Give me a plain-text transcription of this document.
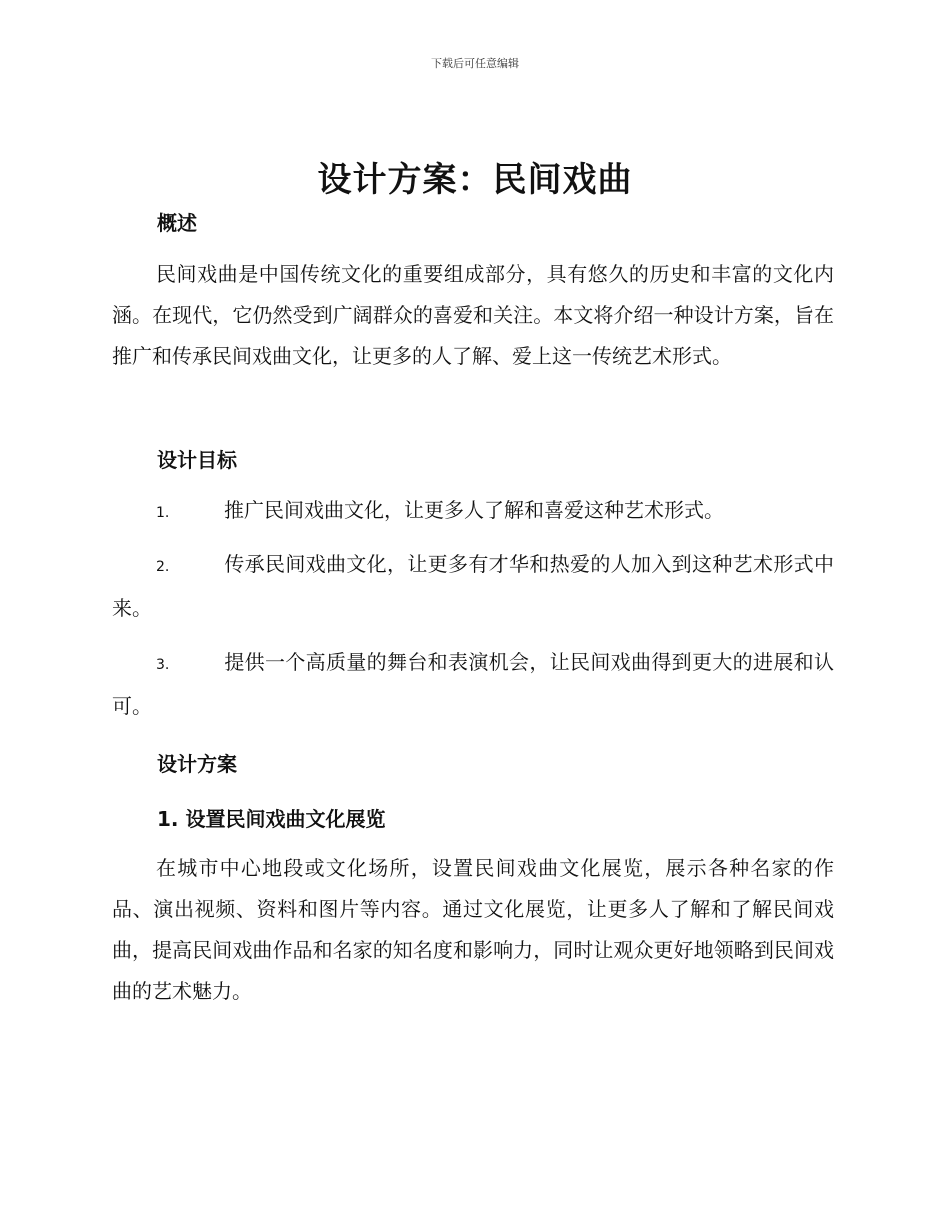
下载后可任意编辑
设计方案：民间戏曲
概述
民间戏曲是中国传统文化的重要组成部分，具有悠久的历史和丰富的文化内涵。在现代，它仍然受到广阔群众的喜爱和关注。本文将介绍一种设计方案，旨在推广和传承民间戏曲文化，让更多的人了解、爱上这一传统艺术形式。
设计目标
1.	推广民间戏曲文化，让更多人了解和喜爱这种艺术形式。
2.	传承民间戏曲文化，让更多有才华和热爱的人加入到这种艺术形式中来。
3.	提供一个高质量的舞台和表演机会，让民间戏曲得到更大的进展和认可。
设计方案
1. 设置民间戏曲文化展览
在城市中心地段或文化场所，设置民间戏曲文化展览，展示各种名家的作品、演出视频、资料和图片等内容。通过文化展览，让更多人了解和了解民间戏曲，提高民间戏曲作品和名家的知名度和影响力，同时让观众更好地领略到民间戏曲的艺术魅力。
